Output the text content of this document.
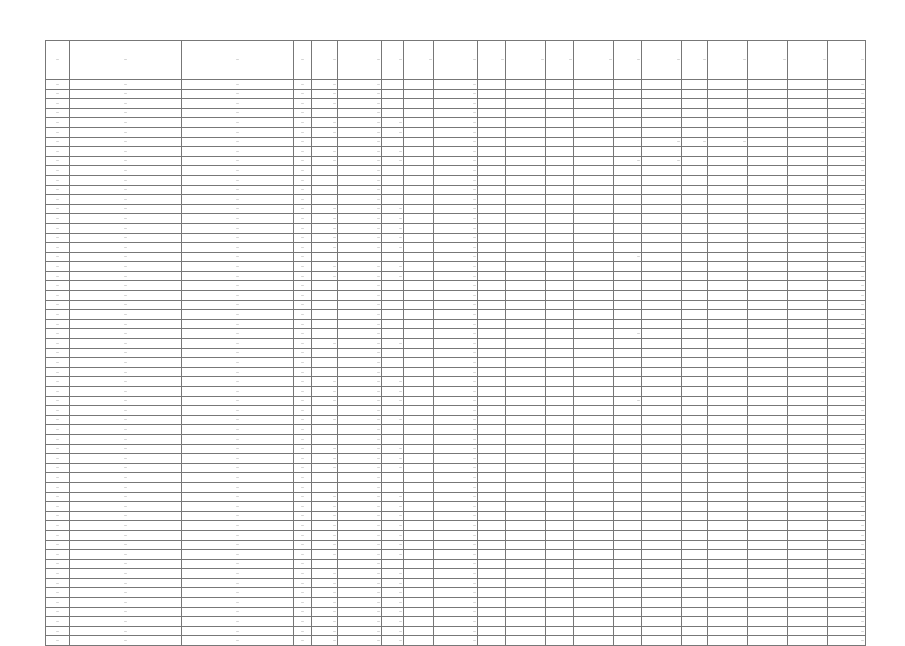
—	—	—	—	—	—	—	—	—	—	—	—	—	—	—	—	—	—	—	—
—	—	—	—	—	—			—											—
—	—	—	—	—	—			—											—
—	—	—	—	—	—			—											—
—	—	—	—		—			—											—
—	—	—	—	—	—	—		—											—
—	—	—	—	—	—	—		—											—
—	—	—	—		—			—						—	—	—			—
—	—	—	—	—	—	—		—											—
—	—	—	—	—	—	—		—					—	—					—
—	—	—	—		—			—											—
—	—	—	—		—			—											—
—	—	—	—		—			—											—
—	—	—	—		—			—											—
—	—	—	—	—	—	—		—											—
—	—	—	—	—	—	—		—											—
—	—	—	—	—	—	—		—											—
—	—	—	—	—	—	—		—											—
—	—	—	—	—	—	—		—											—
—	—	—	—					—					—						—
—	—	—	—	—	—	—		—											—
—	—	—	—	—	—	—		—											—
—	—	—	—		—			—											—
—	—	—	—		—			—											—
—	—	—	—		—			—											—
—	—	—	—		—			—											—
—	—	—	—		—			—											—
—	—	—	—		—			—					—						—
—	—	—	—	—	—	—		—											—
—	—	—	—		—			—											—
—	—	—	—		—			—											—
—	—	—	—		—			—											—
—	—	—	—	—	—	—		—											—
—	—	—	—	—	—	—		—											—
—	—	—	—	—	—	—		—					—						—
—	—	—	—		—			—											—
—	—	—	—	—	—	—		—											—
—	—	—	—		—			—											—
—	—	—	—		—			—											—
—	—	—	—	—	—	—		—											—
—	—	—	—	—	—	—		—											—
—	—	—	—	—	—	—		—											—
—	—	—	—		—			—											—
—	—	—	—		—			—											—
—	—	—	—	—	—	—		—											—
—	—	—	—	—	—	—		—											—
—	—	—	—	—	—	—		—											—
—	—	—	—	—	—	—		—											—
—	—	—	—	—	—	—		—											—
—	—	—	—	—	—	—		—											—
—	—	—	—	—	—	—		—											—
—	—	—	—		—			—											—
—	—	—	—	—	—	—		—											—
—	—	—	—	—	—	—		—											—
—	—	—	—	—	—	—		—											—
—	—	—	—	—	—	—		—											—
—	—	—	—	—	—	—		—											—
—	—	—	—	—	—	—		—											—
—	—	—	—	—	—	—		—											—
—	—	—	—	—	—	—		—											—
